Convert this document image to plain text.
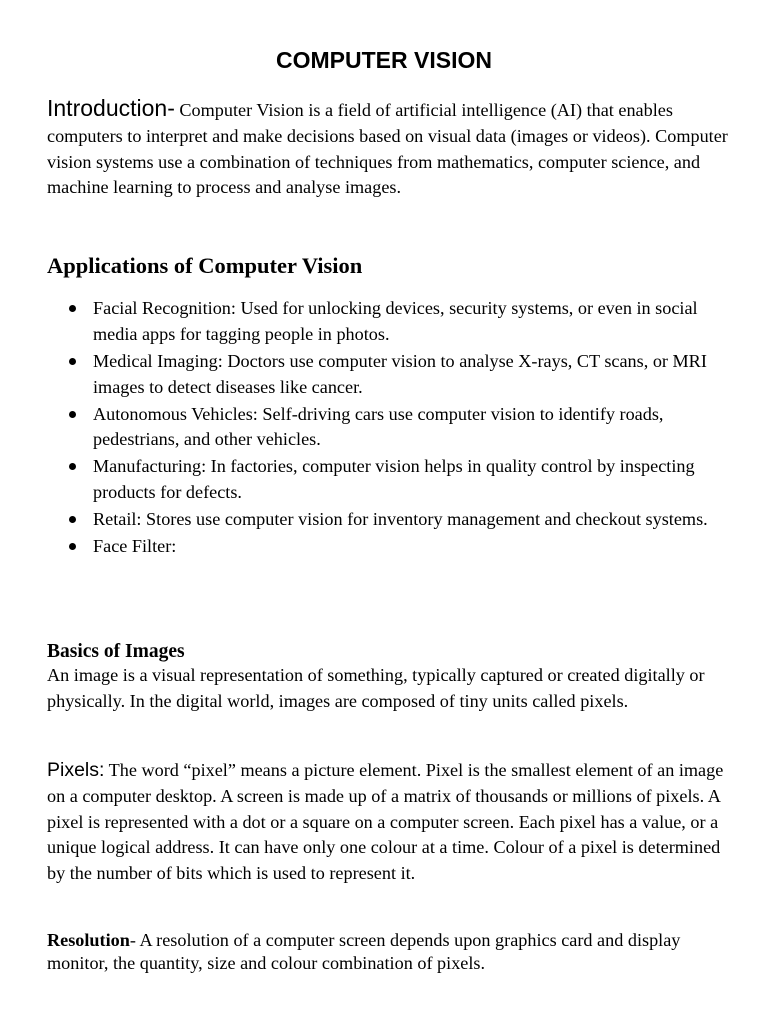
COMPUTER VISION

Introduction- Computer Vision is a field of artificial intelligence (AI) that enables computers to interpret and make decisions based on visual data (images or videos). Computer vision systems use a combination of techniques from mathematics, computer science, and machine learning to process and analyse images.

Applications of Computer Vision
Facial Recognition: Used for unlocking devices, security systems, or even in social media apps for tagging people in photos.
Medical Imaging: Doctors use computer vision to analyse X-rays, CT scans, or MRI images to detect diseases like cancer.
Autonomous Vehicles: Self-driving cars use computer vision to identify roads, pedestrians, and other vehicles.
Manufacturing: In factories, computer vision helps in quality control by inspecting products for defects.
Retail: Stores use computer vision for inventory management and checkout systems.
Face Filter:
Basics of Images

An image is a visual representation of something, typically captured or created digitally or physically. In the digital world, images are composed of tiny units called pixels.

Pixels: The word “pixel” means a picture element. Pixel is the smallest element of an image on a computer desktop. A screen is made up of a matrix of thousands or millions of pixels. A pixel is represented with a dot or a square on a computer screen. Each pixel has a value, or a unique logical address. It can have only one colour at a time. Colour of a pixel is determined by the number of bits which is used to represent it.

Resolution- A resolution of a computer screen depends upon graphics card and display monitor, the quantity, size and colour combination of pixels.
